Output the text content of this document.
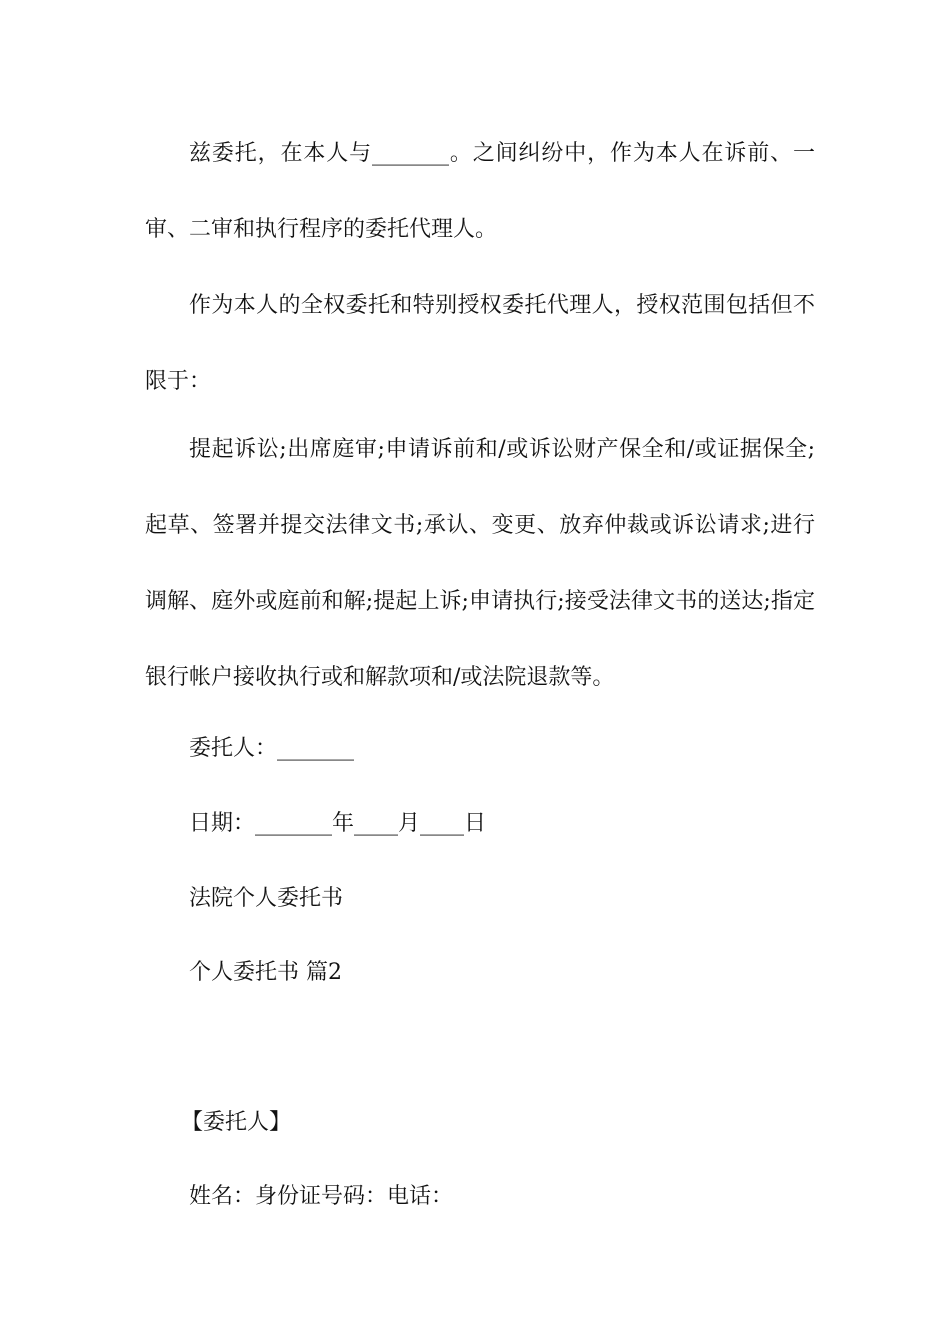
兹委托，在本人与_______。之间纠纷中，作为本人在诉前、一审、二审和执行程序的委托代理人。

作为本人的全权委托和特别授权委托代理人，授权范围包括但不限于：

提起诉讼;出席庭审;申请诉前和/或诉讼财产保全和/或证据保全;起草、签署并提交法律文书;承认、变更、放弃仲裁或诉讼请求;进行调解、庭外或庭前和解;提起上诉;申请执行;接受法律文书的送达;指定银行帐户接收执行或和解款项和/或法院退款等。

委托人：_______
日期：_______年____月____日
法院个人委托书
个人委托书 篇2
【委托人】
姓名：身份证号码：电话：
